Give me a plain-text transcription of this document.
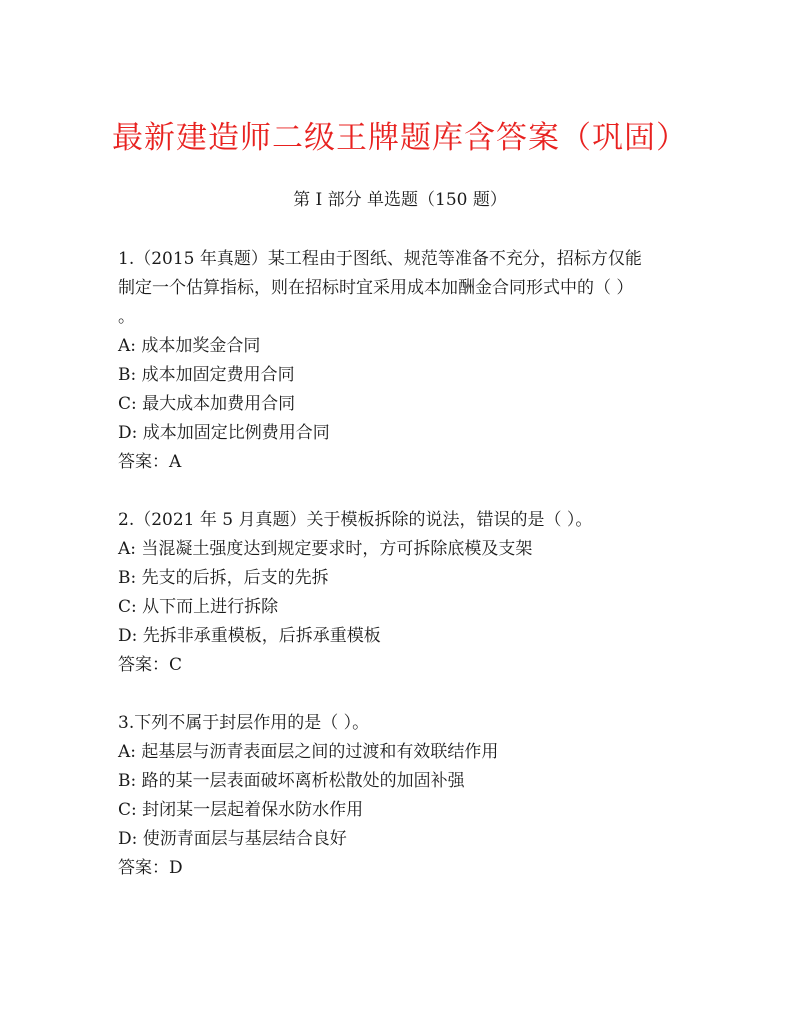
最新建造师二级王牌题库含答案（巩固）
第 I 部分 单选题（150 题）
1.（2015 年真题）某工程由于图纸、规范等准备不充分，招标方仅能
制定一个估算指标，则在招标时宜采用成本加酬金合同形式中的（ ）
。
A: 成本加奖金合同
B: 成本加固定费用合同
C: 最大成本加费用合同
D: 成本加固定比例费用合同
答案：A
2.（2021 年 5 月真题）关于模板拆除的说法，错误的是（ ）。
A: 当混凝土强度达到规定要求时，方可拆除底模及支架
B: 先支的后拆，后支的先拆
C: 从下而上进行拆除
D: 先拆非承重模板，后拆承重模板
答案：C
3.下列不属于封层作用的是（ ）。
A: 起基层与沥青表面层之间的过渡和有效联结作用
B: 路的某一层表面破坏离析松散处的加固补强
C: 封闭某一层起着保水防水作用
D: 使沥青面层与基层结合良好
答案：D
